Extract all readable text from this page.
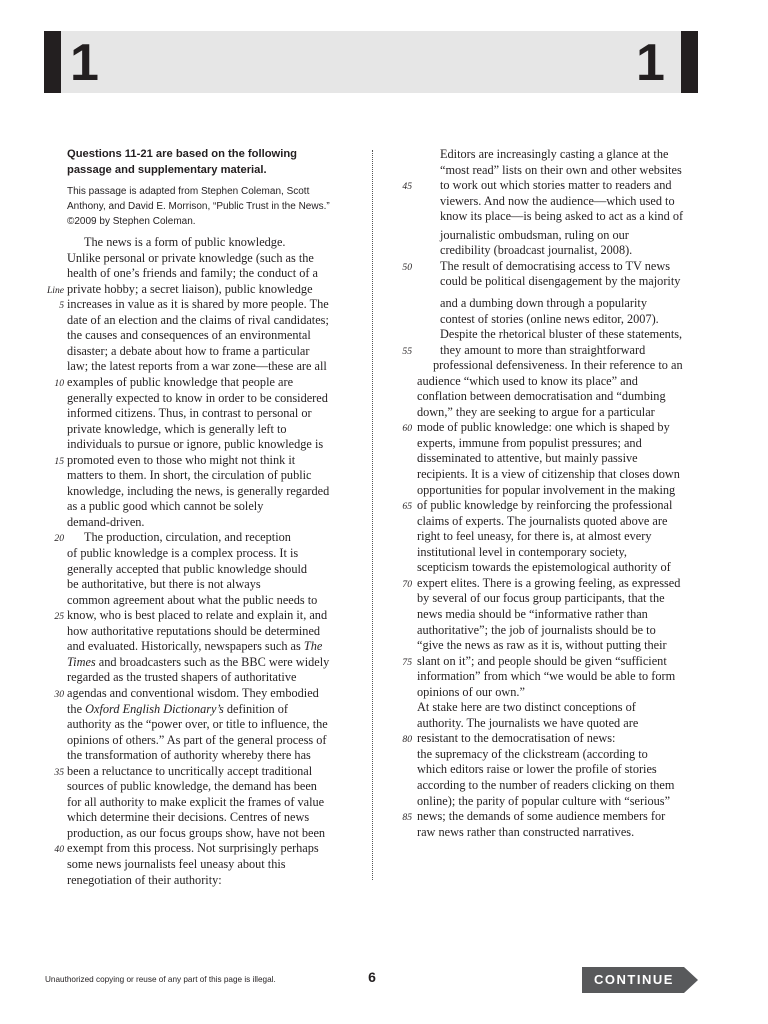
1	1
Questions 11-21 are based on the following
passage and supplementary material.
This passage is adapted from Stephen Coleman, Scott
Anthony, and David E. Morrison, “Public Trust in the News.”
©2009 by Stephen Coleman.
The news is a form of public knowledge.
Unlike personal or private knowledge (such as the
health of one’s friends and family; the conduct of a
private hobby; a secret liaison), public knowledge
Line
increases in value as it is shared by more people. The
5
date of an election and the claims of rival candidates;
the causes and consequences of an environmental
disaster; a debate about how to frame a particular
law; the latest reports from a war zone—these are all
examples of public knowledge that people are
10
generally expected to know in order to be considered
informed citizens. Thus, in contrast to personal or
private knowledge, which is generally left to
individuals to pursue or ignore, public knowledge is
promoted even to those who might not think it
15
matters to them. In short, the circulation of public
knowledge, including the news, is generally regarded
as a public good which cannot be solely
demand-driven.
The production, circulation, and reception
20
of public knowledge is a complex process. It is
generally accepted that public knowledge should
be authoritative, but there is not always
common agreement about what the public needs to
know, who is best placed to relate and explain it, and
25
how authoritative reputations should be determined
and evaluated. Historically, newspapers such as The
Times and broadcasters such as the BBC were widely
regarded as the trusted shapers of authoritative
agendas and conventional wisdom. They embodied
30
the Oxford English Dictionary’s definition of
authority as the “power over, or title to influence, the
opinions of others.” As part of the general process of
the transformation of authority whereby there has
been a reluctance to uncritically accept traditional
35
sources of public knowledge, the demand has been
for all authority to make explicit the frames of value
which determine their decisions. Centres of news
production, as our focus groups show, have not been
exempt from this process. Not surprisingly perhaps
40
some news journalists feel uneasy about this
renegotiation of their authority:
Editors are increasingly casting a glance at the
“most read” lists on their own and other websites
to work out which stories matter to readers and
45
viewers. And now the audience—which used to
know its place—is being asked to act as a kind of
journalistic ombudsman, ruling on our
credibility (broadcast journalist, 2008).
The result of democratising access to TV news
50
could be political disengagement by the majority
and a dumbing down through a popularity
contest of stories (online news editor, 2007).
Despite the rhetorical bluster of these statements,
they amount to more than straightforward
55
professional defensiveness. In their reference to an
audience “which used to know its place” and
conflation between democratisation and “dumbing
down,” they are seeking to argue for a particular
mode of public knowledge: one which is shaped by
60
experts, immune from populist pressures; and
disseminated to attentive, but mainly passive
recipients. It is a view of citizenship that closes down
opportunities for popular involvement in the making
of public knowledge by reinforcing the professional
65
claims of experts. The journalists quoted above are
right to feel uneasy, for there is, at almost every
institutional level in contemporary society,
scepticism towards the epistemological authority of
expert elites. There is a growing feeling, as expressed
70
by several of our focus group participants, that the
news media should be “informative rather than
authoritative”; the job of journalists should be to
“give the news as raw as it is, without putting their
slant on it”; and people should be given “sufficient
75
information” from which “we would be able to form
opinions of our own.”
At stake here are two distinct conceptions of
authority. The journalists we have quoted are
resistant to the democratisation of news:
80
the supremacy of the clickstream (according to
which editors raise or lower the profile of stories
according to the number of readers clicking on them
online); the parity of popular culture with “serious”
news; the demands of some audience members for
85
raw news rather than constructed narratives.
Unauthorized copying or reuse of any part of this page is illegal.	6	CONTINUE
